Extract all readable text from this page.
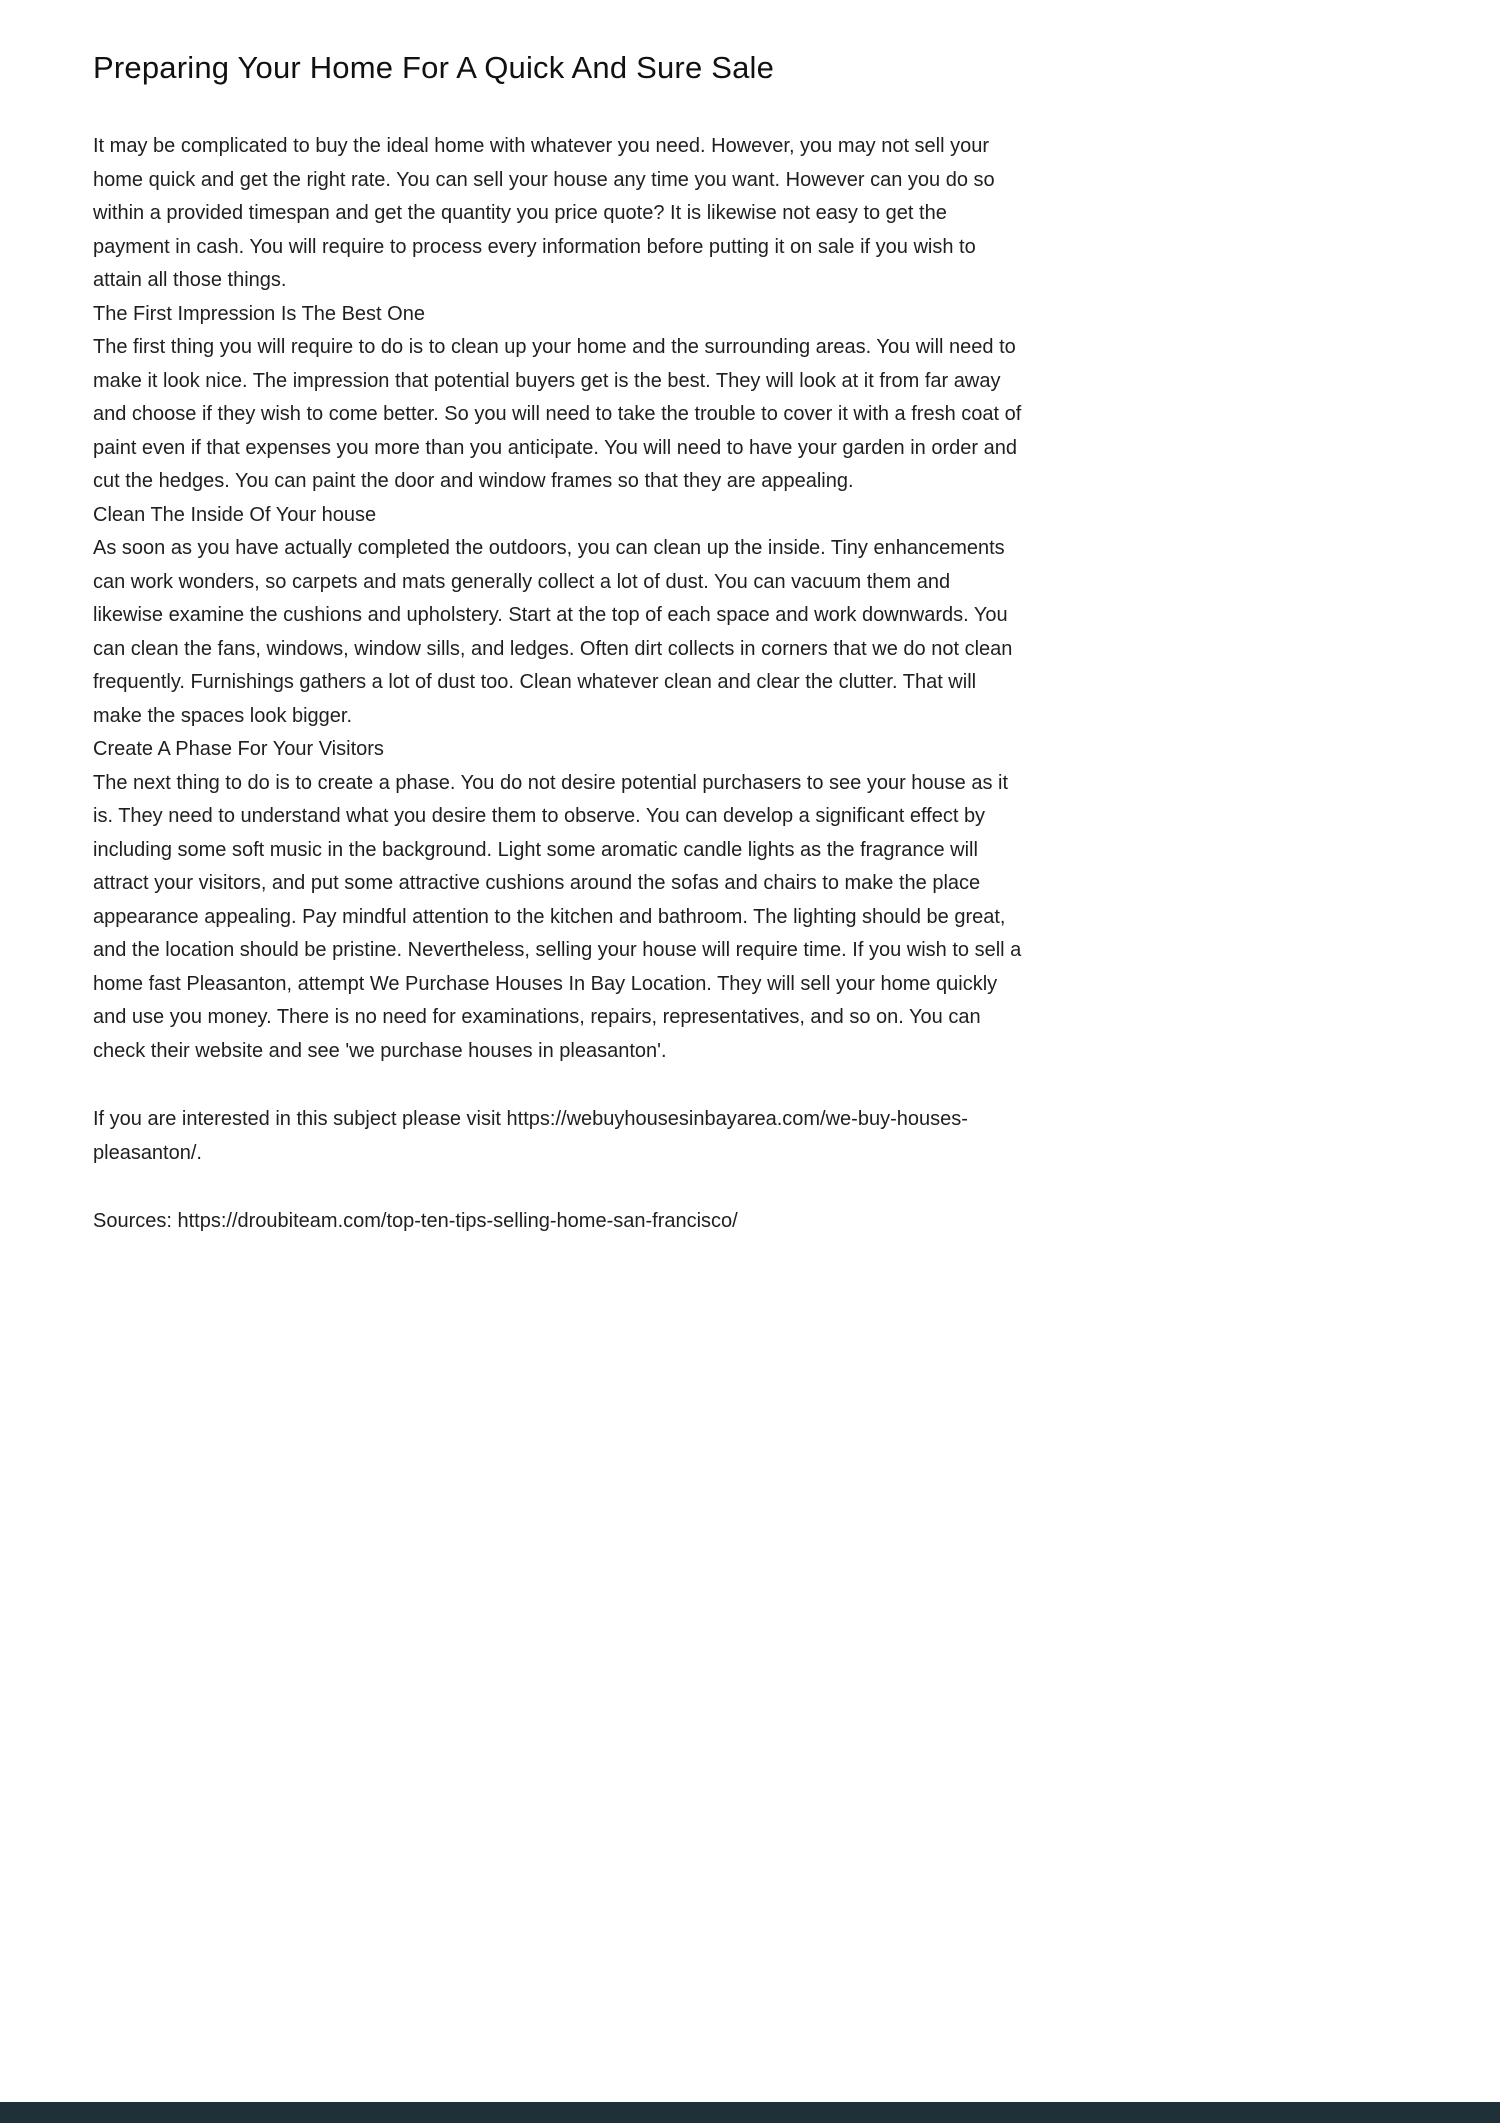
Preparing Your Home For A Quick And Sure Sale

It may be complicated to buy the ideal home with whatever you need. However, you may not sell your home quick and get the right rate. You can sell your house any time you want. However can you do so within a provided timespan and get the quantity you price quote? It is likewise not easy to get the payment in cash. You will require to process every information before putting it on sale if you wish to attain all those things.

The First Impression Is The Best One

The first thing you will require to do is to clean up your home and the surrounding areas. You will need to make it look nice. The impression that potential buyers get is the best. They will look at it from far away and choose if they wish to come better. So you will need to take the trouble to cover it with a fresh coat of paint even if that expenses you more than you anticipate. You will need to have your garden in order and cut the hedges. You can paint the door and window frames so that they are appealing.

Clean The Inside Of Your house

As soon as you have actually completed the outdoors, you can clean up the inside. Tiny enhancements can work wonders, so carpets and mats generally collect a lot of dust. You can vacuum them and likewise examine the cushions and upholstery. Start at the top of each space and work downwards. You can clean the fans, windows, window sills, and ledges. Often dirt collects in corners that we do not clean frequently. Furnishings gathers a lot of dust too. Clean whatever clean and clear the clutter. That will make the spaces look bigger.

Create A Phase For Your Visitors

The next thing to do is to create a phase. You do not desire potential purchasers to see your house as it is. They need to understand what you desire them to observe. You can develop a significant effect by including some soft music in the background. Light some aromatic candle lights as the fragrance will attract your visitors, and put some attractive cushions around the sofas and chairs to make the place appearance appealing. Pay mindful attention to the kitchen and bathroom. The lighting should be great, and the location should be pristine. Nevertheless, selling your house will require time. If you wish to sell a home fast Pleasanton, attempt We Purchase Houses In Bay Location. They will sell your home quickly and use you money. There is no need for examinations, repairs, representatives, and so on. You can check their website and see 'we purchase houses in pleasanton'.

If you are interested in this subject please visit https://webuyhousesinbayarea.com/we-buy-houses-pleasanton/.

Sources: https://droubiteam.com/top-ten-tips-selling-home-san-francisco/
